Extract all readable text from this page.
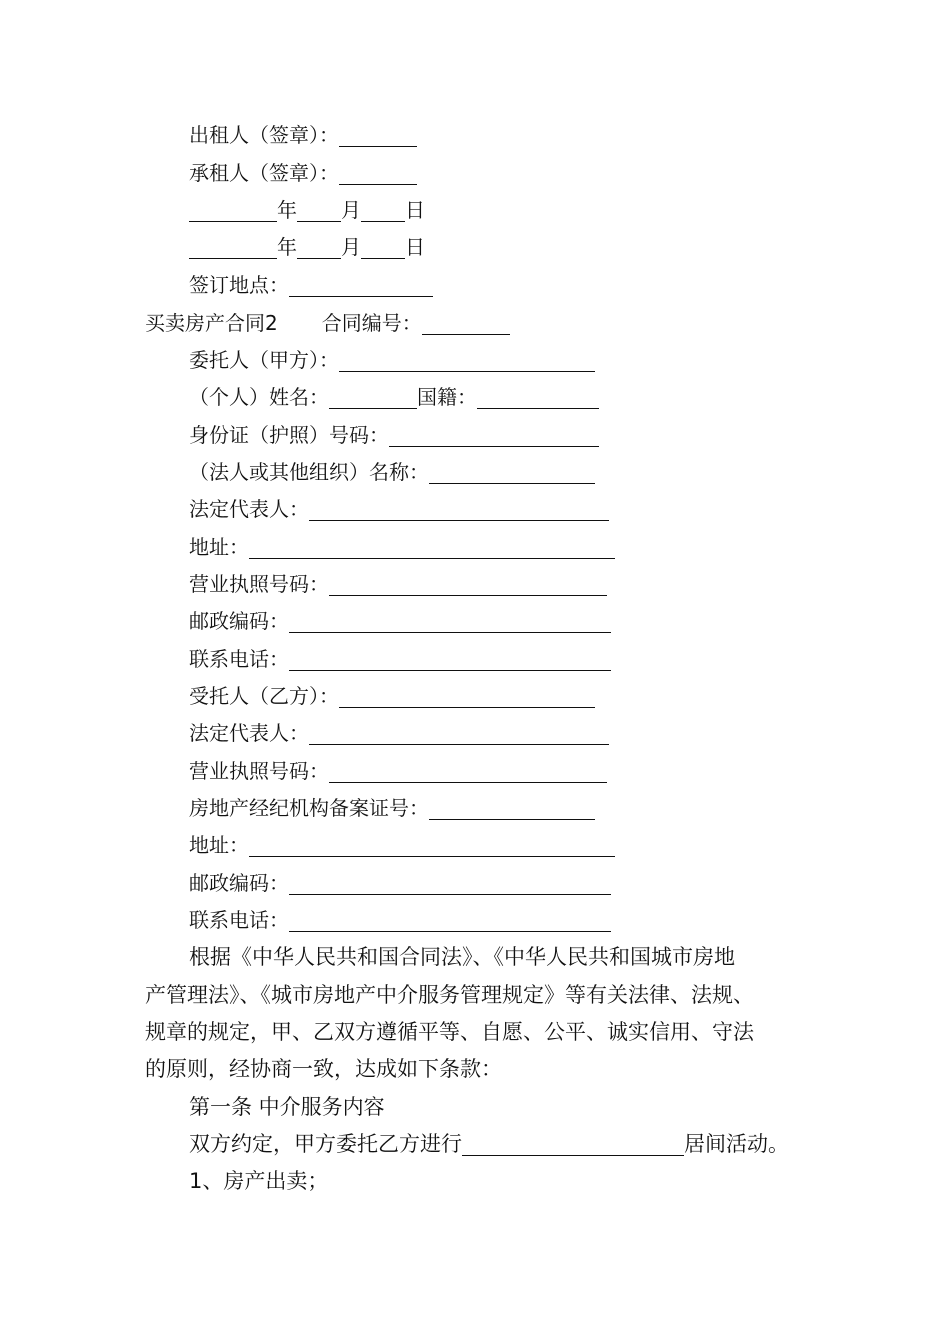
出租人（签章）：
承租人（签章）：
年 月 日
年 月 日
签订地点：
买卖房产合同2 合同编号：
委托人（甲方）：
（个人）姓名：	国籍：
身份证（护照）号码：
（法人或其他组织）名称：
法定代表人：
地址：
营业执照号码：
邮政编码：
联系电话：
受托人（乙方）：
法定代表人：
营业执照号码：
房地产经纪机构备案证号：
地址：
邮政编码：
联系电话：
根据《中华人民共和国合同法》、《中华人民共和国城市房地
产管理法》、《城市房地产中介服务管理规定》等有关法律、法规、
规章的规定，甲、乙双方遵循平等、自愿、公平、诚实信用、守法
的原则，经协商一致，达成如下条款：
第一条 中介服务内容
双方约定，甲方委托乙方进行	居间活动。
1、房产出卖；
